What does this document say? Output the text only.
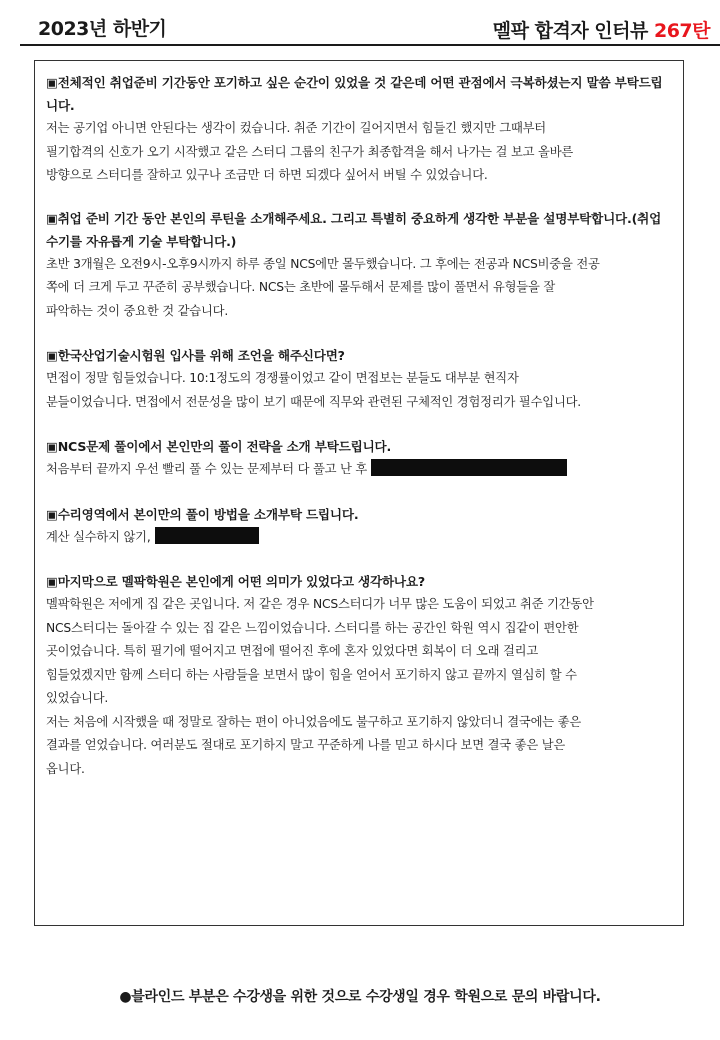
2023년 하반기	멜팍 합격자 인터뷰 267탄

▣전체적인 취업준비 기간동안 포기하고 싶은 순간이 있었을 것 같은데 어떤 관점에서 극복하셨는지 말씀 부탁드립니다.

저는 공기업 아니면 안된다는 생각이 컸습니다. 취준 기간이 길어지면서 힘들긴 했지만 그때부터

필기합격의 신호가 오기 시작했고 같은 스터디 그룹의 친구가 최종합격을 해서 나가는 걸 보고 올바른

방향으로 스터디를 잘하고 있구나 조금만 더 하면 되겠다 싶어서 버틸 수 있었습니다.

▣취업 준비 기간 동안 본인의 루틴을 소개해주세요. 그리고 특별히 중요하게 생각한 부분을 설명부탁합니다.(취업수기를 자유롭게 기술 부탁합니다.)

초반 3개월은 오전9시-오후9시까지 하루 종일 NCS에만 몰두했습니다. 그 후에는 전공과 NCS비중을 전공

쪽에 더 크게 두고 꾸준히 공부했습니다. NCS는 초반에 몰두해서 문제를 많이 풀면서 유형들을 잘

파악하는 것이 중요한 것 같습니다.

▣한국산업기술시험원 입사를 위해 조언을 해주신다면?

면접이 정말 힘들었습니다. 10:1정도의 경쟁률이었고 같이 면접보는 분들도 대부분 현직자

분들이었습니다. 면접에서 전문성을 많이 보기 때문에 직무와 관련된 구체적인 경험정리가 필수입니다.

▣NCS문제 풀이에서 본인만의 풀이 전략을 소개 부탁드립니다.

처음부터 끝까지 우선 빨리 풀 수 있는 문제부터 다 풀고 난 후

▣수리영역에서 본이만의 풀이 방법을 소개부탁 드립니다.

계산 실수하지 않기,

▣마지막으로 멜팍학원은 본인에게 어떤 의미가 있었다고 생각하나요?

멜팍학원은 저에게 집 같은 곳입니다. 저 같은 경우 NCS스터디가 너무 많은 도움이 되었고 취준 기간동안

NCS스터디는 돌아갈 수 있는 집 같은 느낌이었습니다. 스터디를 하는 공간인 학원 역시 집같이 편안한

곳이었습니다. 특히 필기에 떨어지고 면접에 떨어진 후에 혼자 있었다면 회복이 더 오래 걸리고

힘들었겠지만 함께 스터디 하는 사람들을 보면서 많이 힘을 얻어서 포기하지 않고 끝까지 열심히 할 수

있었습니다.

저는 처음에 시작했을 때 정말로 잘하는 편이 아니었음에도 불구하고 포기하지 않았더니 결국에는 좋은

결과를 얻었습니다. 여러분도 절대로 포기하지 말고 꾸준하게 나를 믿고 하시다 보면 결국 좋은 날은

옵니다.

●블라인드 부분은 수강생을 위한 것으로 수강생일 경우 학원으로 문의 바랍니다.
